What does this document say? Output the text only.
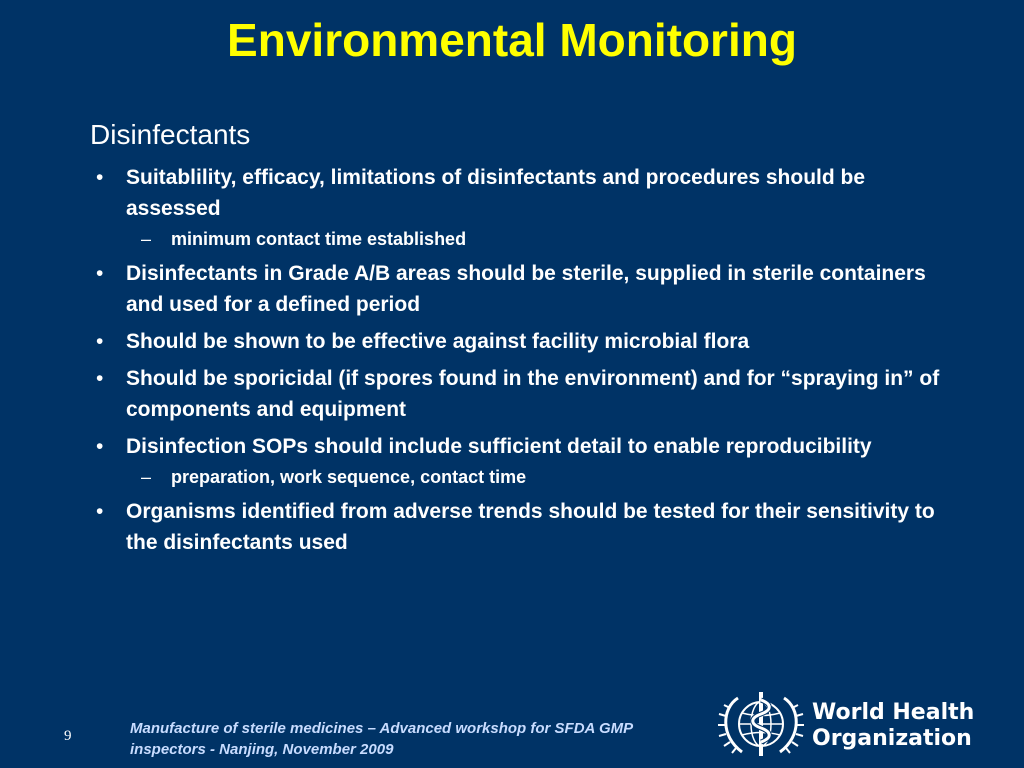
Environmental Monitoring
Disinfectants
• Suitablility, efficacy, limitations of disinfectants and procedures should be assessed
– minimum contact time established
• Disinfectants in Grade A/B areas should be sterile, supplied in sterile containers and used for a defined period
• Should be shown to be effective against facility microbial flora
• Should be sporicidal (if spores found in the environment) and for “spraying in” of components and equipment
• Disinfection SOPs should include sufficient detail to enable reproducibility
– preparation, work sequence, contact time
• Organisms identified from adverse trends should be tested for their sensitivity to the disinfectants used
9	Manufacture of sterile medicines – Advanced workshop for SFDA GMP
inspectors - Nanjing, November 2009
World Health
Organization
